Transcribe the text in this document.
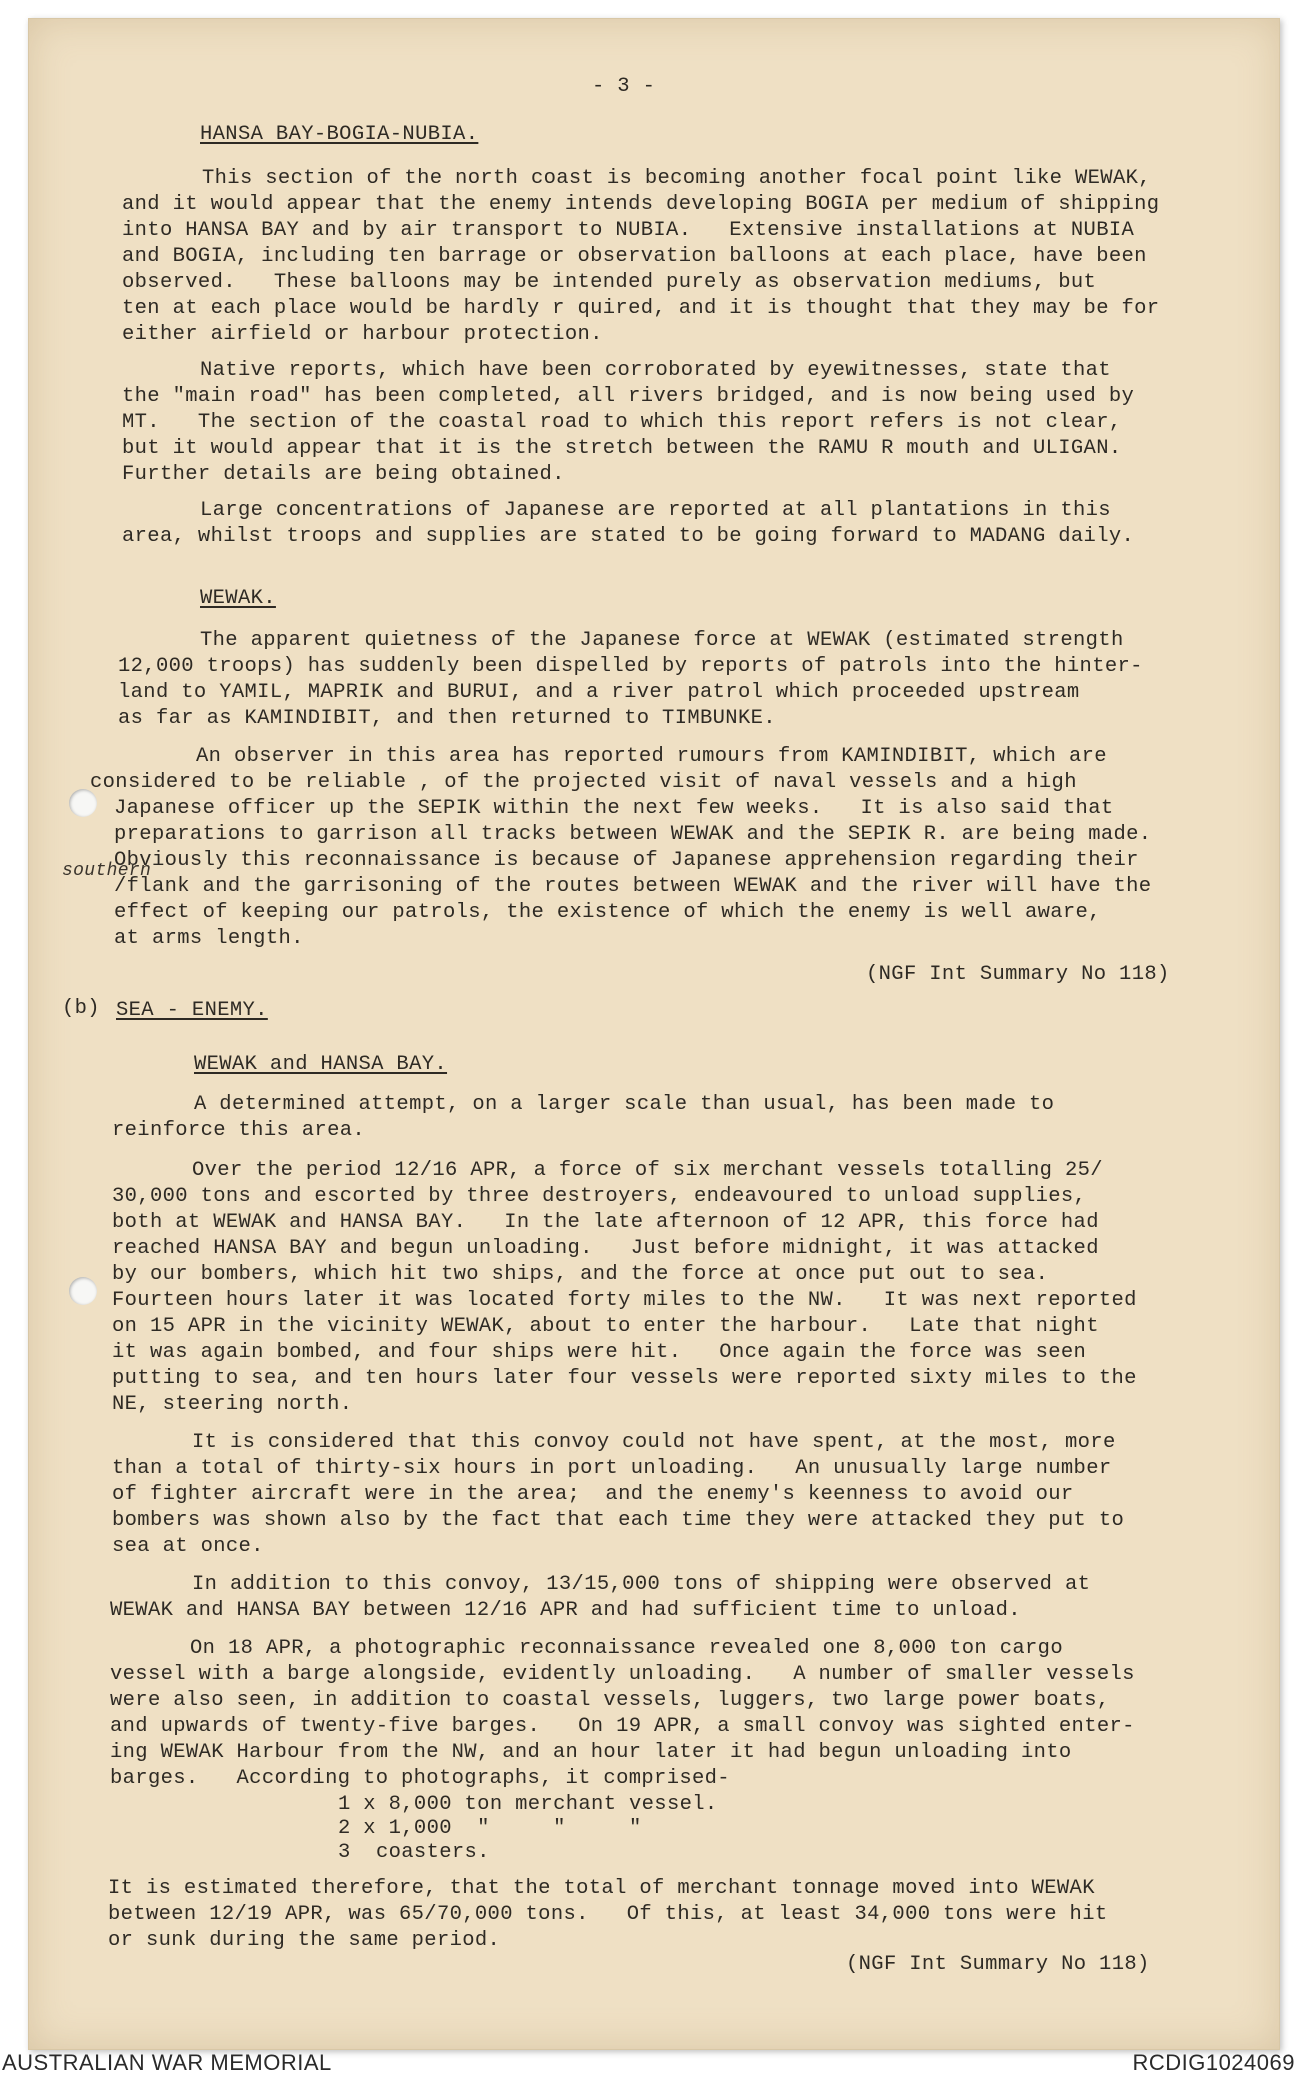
- 3 -
HANSA BAY-BOGIA-NUBIA.
This section of the north coast is becoming another focal point like WEWAK,
and it would appear that the enemy intends developing BOGIA per medium of shipping
into HANSA BAY and by air transport to NUBIA.   Extensive installations at NUBIA
and BOGIA, including ten barrage or observation balloons at each place, have been
observed.   These balloons may be intended purely as observation mediums, but
ten at each place would be hardly r quired, and it is thought that they may be for
either airfield or harbour protection.
Native reports, which have been corroborated by eyewitnesses, state that
the "main road" has been completed, all rivers bridged, and is now being used by
MT.   The section of the coastal road to which this report refers is not clear,
but it would appear that it is the stretch between the RAMU R mouth and ULIGAN.
Further details are being obtained.
Large concentrations of Japanese are reported at all plantations in this
area, whilst troops and supplies are stated to be going forward to MADANG daily.
WEWAK.
The apparent quietness of the Japanese force at WEWAK (estimated strength
12,000 troops) has suddenly been dispelled by reports of patrols into the hinter-
land to YAMIL, MAPRIK and BURUI, and a river patrol which proceeded upstream
as far as KAMINDIBIT, and then returned to TIMBUNKE.
An observer in this area has reported rumours from KAMINDIBIT, which are
considered to be reliable , of the projected visit of naval vessels and a high
Japanese officer up the SEPIK within the next few weeks.   It is also said that
preparations to garrison all tracks between WEWAK and the SEPIK R. are being made.
Obviously this reconnaissance is because of Japanese apprehension regarding their
southern
/flank and the garrisoning of the routes between WEWAK and the river will have the
effect of keeping our patrols, the existence of which the enemy is well aware,
at arms length.
(NGF Int Summary No 118)
(b) SEA - ENEMY.
WEWAK and HANSA BAY.
A determined attempt, on a larger scale than usual, has been made to
reinforce this area.
Over the period 12/16 APR, a force of six merchant vessels totalling 25/
30,000 tons and escorted by three destroyers, endeavoured to unload supplies,
both at WEWAK and HANSA BAY.   In the late afternoon of 12 APR, this force had
reached HANSA BAY and begun unloading.   Just before midnight, it was attacked
by our bombers, which hit two ships, and the force at once put out to sea.
Fourteen hours later it was located forty miles to the NW.   It was next reported
on 15 APR in the vicinity WEWAK, about to enter the harbour.   Late that night
it was again bombed, and four ships were hit.   Once again the force was seen
putting to sea, and ten hours later four vessels were reported sixty miles to the
NE, steering north.
It is considered that this convoy could not have spent, at the most, more
than a total of thirty-six hours in port unloading.   An unusually large number
of fighter aircraft were in the area;  and the enemy's keenness to avoid our
bombers was shown also by the fact that each time they were attacked they put to
sea at once.
In addition to this convoy, 13/15,000 tons of shipping were observed at
WEWAK and HANSA BAY between 12/16 APR and had sufficient time to unload.
On 18 APR, a photographic reconnaissance revealed one 8,000 ton cargo
vessel with a barge alongside, evidently unloading.   A number of smaller vessels
were also seen, in addition to coastal vessels, luggers, two large power boats,
and upwards of twenty-five barges.   On 19 APR, a small convoy was sighted enter-
ing WEWAK Harbour from the NW, and an hour later it had begun unloading into
barges.   According to photographs, it comprised-
1 x 8,000 ton merchant vessel.
2 x 1,000  "     "     "
3  coasters.
It is estimated therefore, that the total of merchant tonnage moved into WEWAK
between 12/19 APR, was 65/70,000 tons.   Of this, at least 34,000 tons were hit
or sunk during the same period.
(NGF Int Summary No 118)
AUSTRALIAN WAR MEMORIAL	RCDIG1024069
